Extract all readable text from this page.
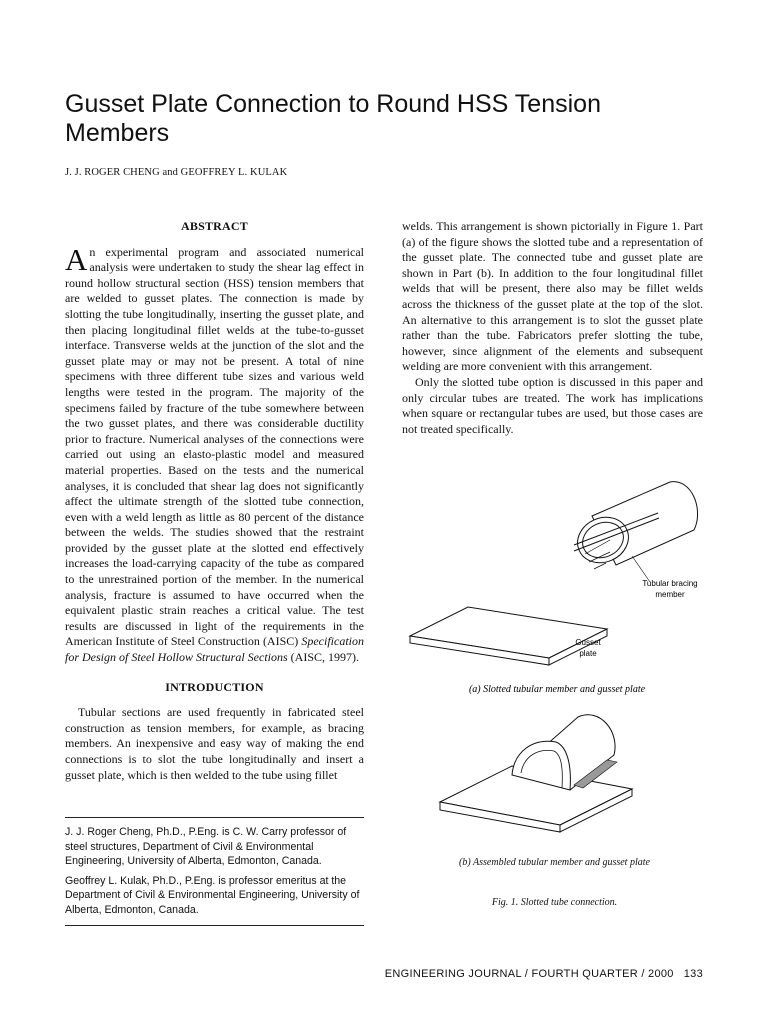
Gusset Plate Connection to Round HSS Tension Members
J. J. ROGER CHENG and GEOFFREY L. KULAK
ABSTRACT

An experimental program and associated numerical analysis were undertaken to study the shear lag effect in round hollow structural section (HSS) tension members that are welded to gusset plates. The connection is made by slotting the tube longitudinally, inserting the gusset plate, and then placing longitudinal fillet welds at the tube-to-gusset interface. Transverse welds at the junction of the slot and the gusset plate may or may not be present. A total of nine specimens with three different tube sizes and various weld lengths were tested in the program. The majority of the specimens failed by fracture of the tube somewhere between the two gusset plates, and there was considerable ductility prior to fracture. Numerical analyses of the connections were carried out using an elasto-plastic model and measured material properties. Based on the tests and the numerical analyses, it is concluded that shear lag does not significantly affect the ultimate strength of the slotted tube connection, even with a weld length as little as 80 percent of the distance between the welds. The studies showed that the restraint provided by the gusset plate at the slotted end effectively increases the load-carrying capacity of the tube as compared to the unrestrained portion of the member. In the numerical analysis, fracture is assumed to have occurred when the equivalent plastic strain reaches a critical value. The test results are discussed in light of the requirements in the American Institute of Steel Construction (AISC) Specification for Design of Steel Hollow Structural Sections (AISC, 1997).

INTRODUCTION

Tubular sections are used frequently in fabricated steel construction as tension members, for example, as bracing members. An inexpensive and easy way of making the end connections is to slot the tube longitudinally and insert a gusset plate, which is then welded to the tube using fillet

welds. This arrangement is shown pictorially in Figure 1. Part (a) of the figure shows the slotted tube and a representation of the gusset plate. The connected tube and gusset plate are shown in Part (b). In addition to the four longitudinal fillet welds that will be present, there also may be fillet welds across the thickness of the gusset plate at the top of the slot. An alternative to this arrangement is to slot the gusset plate rather than the tube. Fabricators prefer slotting the tube, however, since alignment of the elements and subsequent welding are more convenient with this arrangement.

Only the slotted tube option is discussed in this paper and only circular tubes are treated. The work has implications when square or rectangular tubes are used, but those cases are not treated specifically.

J. J. Roger Cheng, Ph.D., P.Eng. is C. W. Carry professor of steel structures, Department of Civil & Environmental Engineering, University of Alberta, Edmonton, Canada.

Geoffrey L. Kulak, Ph.D., P.Eng. is professor emeritus at the Department of Civil & Environmental Engineering, University of Alberta, Edmonton, Canada.

Tubular bracing
member
Gusset
plate
(a) Slotted tubular member and gusset plate
(b) Assembled tubular member and gusset plate
Fig. 1. Slotted tube connection.
ENGINEERING JOURNAL / FOURTH QUARTER / 2000 133
